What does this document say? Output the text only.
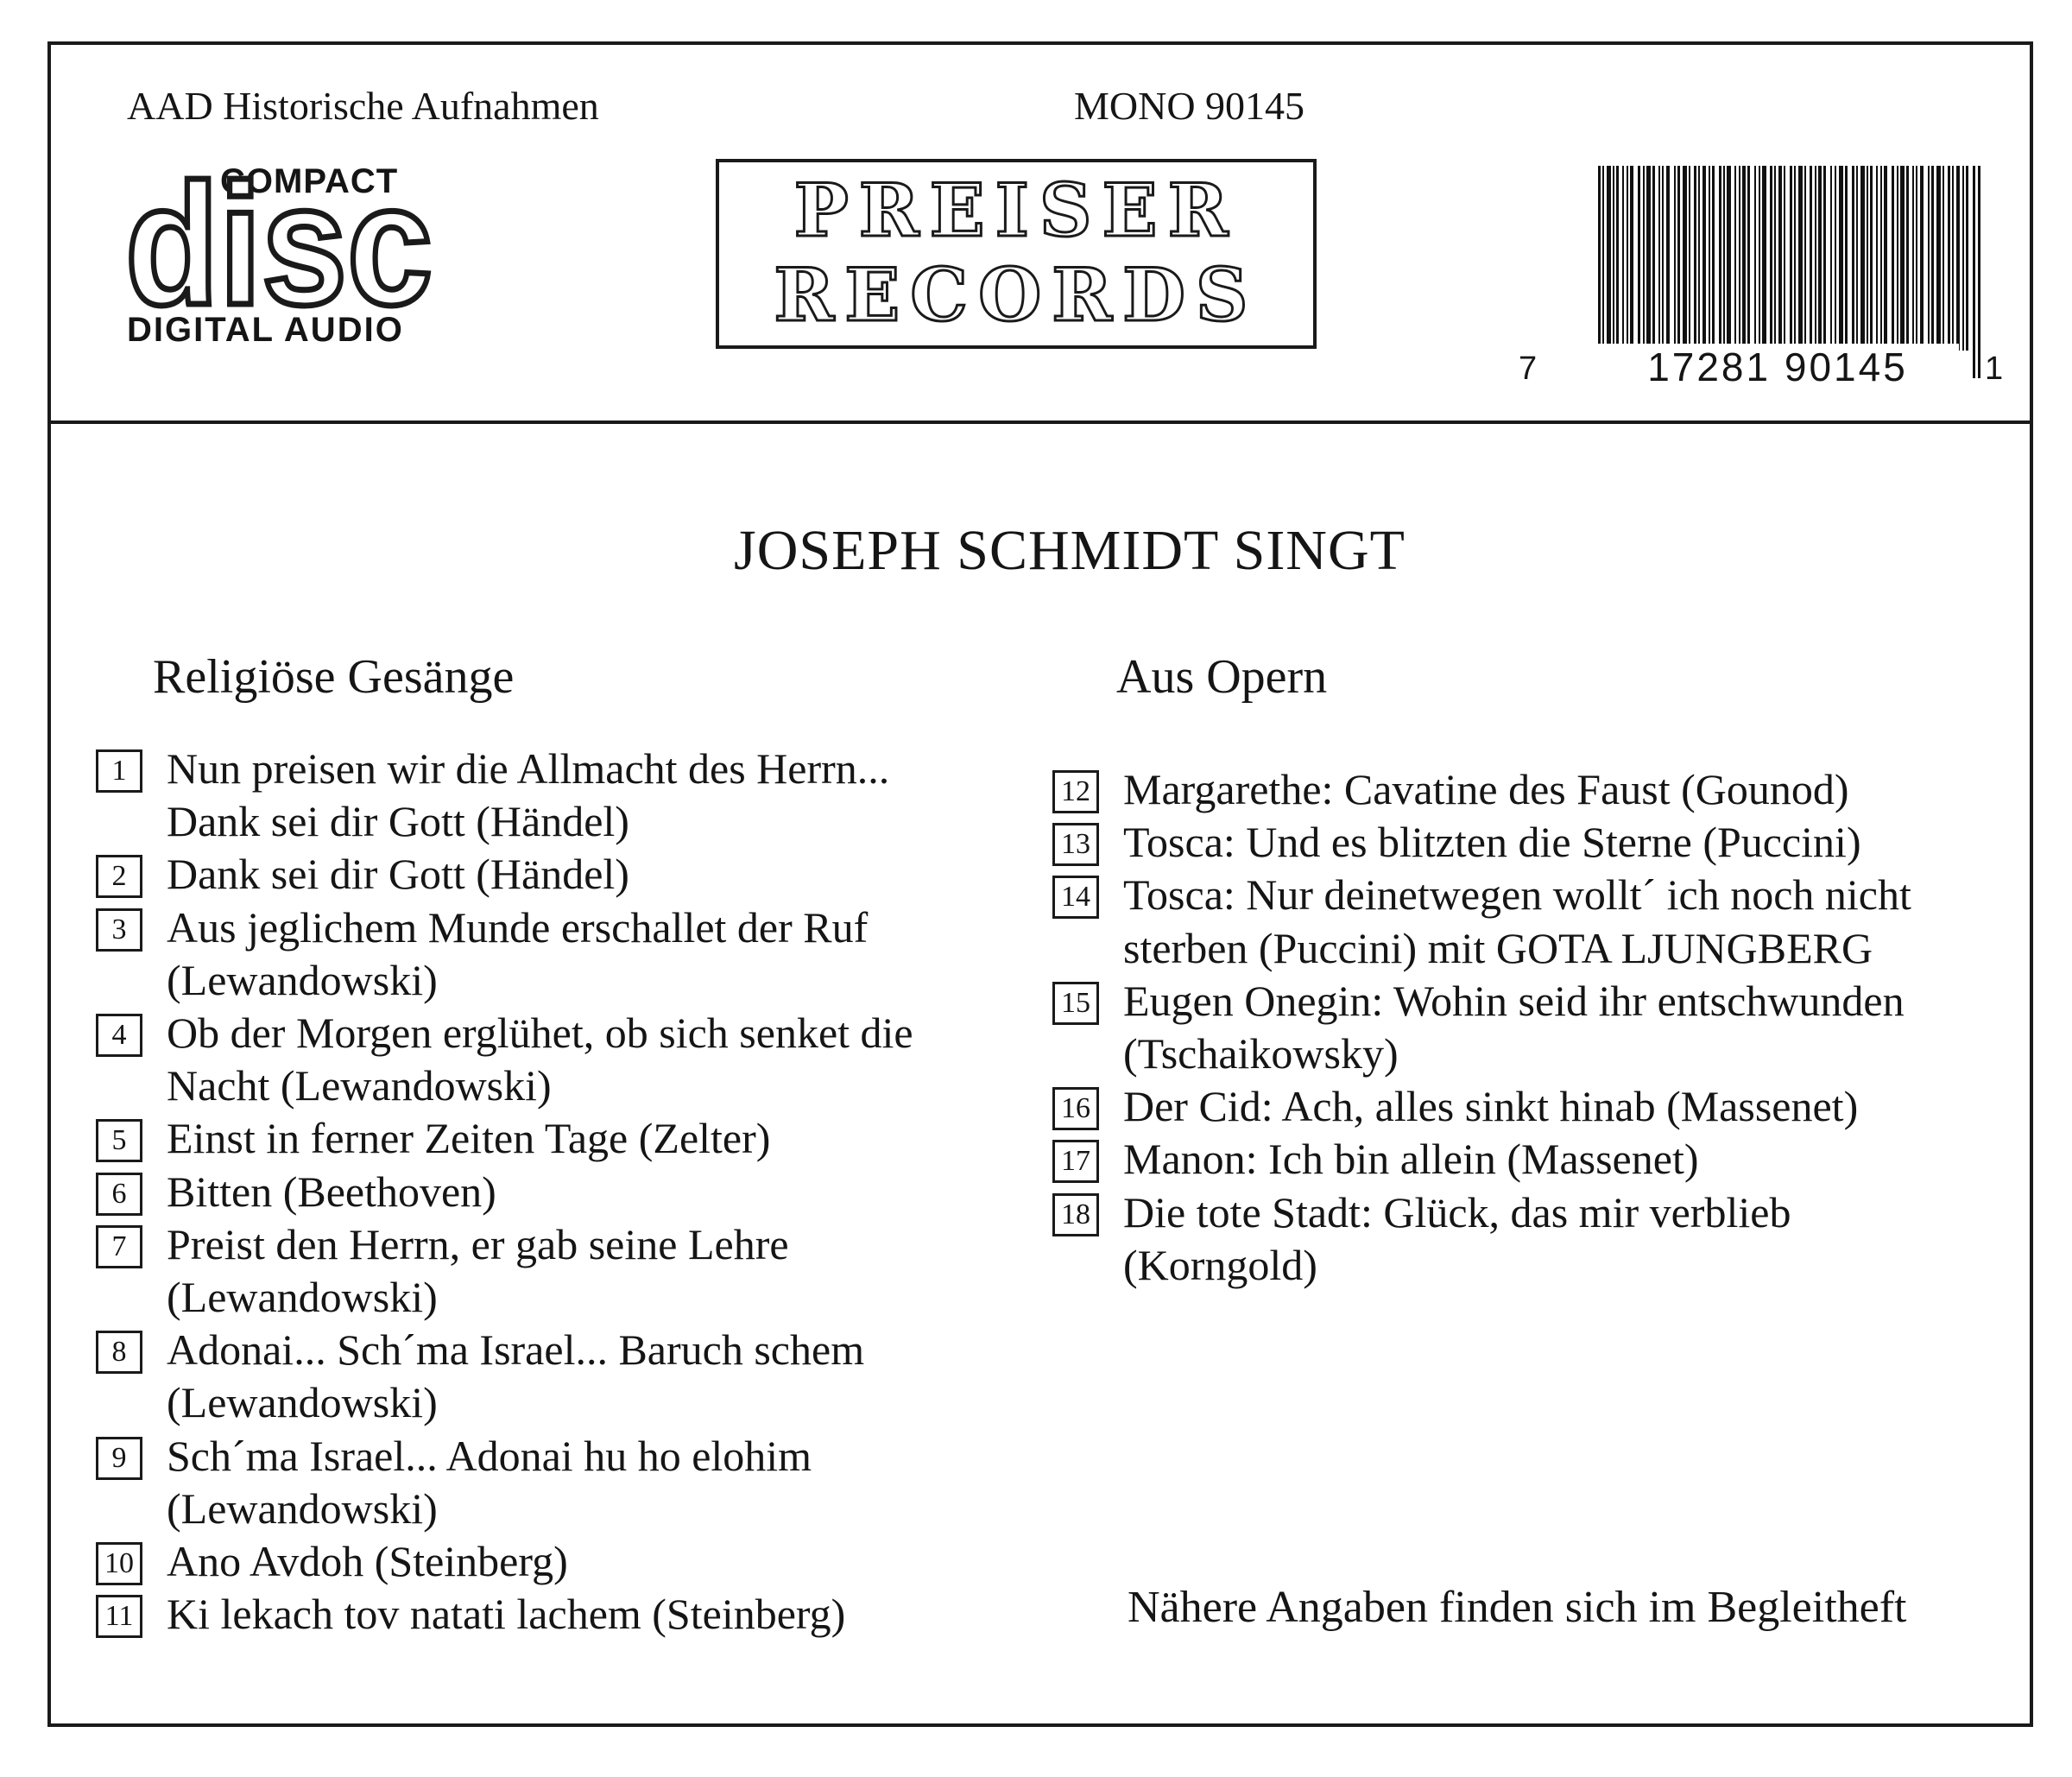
AAD Historische Aufnahmen	MONO 90145
COMPACT
disc
DIGITAL AUDIO
PREISER
RECORDS
7	17281 90145	1
JOSEPH SCHMIDT SINGT
Religiöse Gesänge	Aus Opern
1 Nun preisen wir die Allmacht des Herrn...
Dank sei dir Gott (Händel)
2 Dank sei dir Gott (Händel)
3 Aus jeglichem Munde erschallet der Ruf
(Lewandowski)
4 Ob der Morgen erglühet, ob sich senket die
Nacht (Lewandowski)
5 Einst in ferner Zeiten Tage (Zelter)
6 Bitten (Beethoven)
7 Preist den Herrn, er gab seine Lehre
(Lewandowski)
8 Adonai... Sch´ma Israel... Baruch schem
(Lewandowski)
9 Sch´ma Israel... Adonai hu ho elohim
(Lewandowski)
10 Ano Avdoh (Steinberg)
11 Ki lekach tov natati lachem (Steinberg)
12 Margarethe: Cavatine des Faust (Gounod)
13 Tosca: Und es blitzten die Sterne (Puccini)
14 Tosca: Nur deinetwegen wollt´ ich noch nicht
sterben (Puccini) mit GOTA LJUNGBERG
15 Eugen Onegin: Wohin seid ihr entschwunden
(Tschaikowsky)
16 Der Cid: Ach, alles sinkt hinab (Massenet)
17 Manon: Ich bin allein (Massenet)
18 Die tote Stadt: Glück, das mir verblieb
(Korngold)
Nähere Angaben finden sich im Begleitheft
